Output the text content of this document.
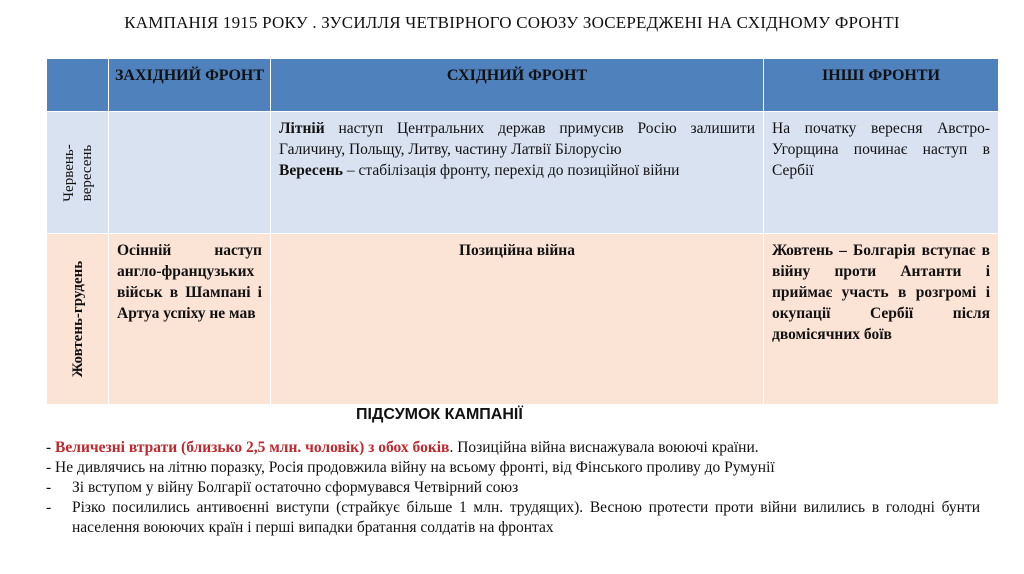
КАМПАНІЯ 1915 РОКУ . ЗУСИЛЛЯ ЧЕТВІРНОГО СОЮЗУ ЗОСЕРЕДЖЕНІ НА СХІДНОМУ ФРОНТІ
	ЗАХІДНИЙ ФРОНТ	СХІДНИЙ ФРОНТ	ІНШІ ФРОНТИ

Червень- вересень		Літній наступ Центральних держав примусив Росію залишити Галичину, Польщу, Литву, частину Латвії Білорусію
Вересень – стабілізація фронту, перехід до позиційної війни	На початку вересня Австро-Угорщина починає наступ в Сербії

Жовтень-грудень	Осінній наступ англо-французьких військ в Шампані і Артуа успіху не мав	Позиційна війна	Жовтень – Болгарія вступає в війну проти Антанти і приймає участь в розгромі і окупації Сербії після двомісячних боїв
ПІДСУМОК КАМПАНІЇ
- Величезні втрати (близько 2,5 млн. чоловік) з обох боків. Позиційна війна виснажувала воюючі країни.
- Не дивлячись на літню поразку, Росія продовжила війну на всьому фронті, від Фінського проливу до Румунії
- Зі вступом у війну Болгарії остаточно сформувався Четвірний союз
- Різко посилились антивоєнні виступи (страйкує більше 1 млн. трудящих). Весною протести проти війни вилились в голодні бунти населення воюючих країн і перші випадки братання солдатів на фронтах
